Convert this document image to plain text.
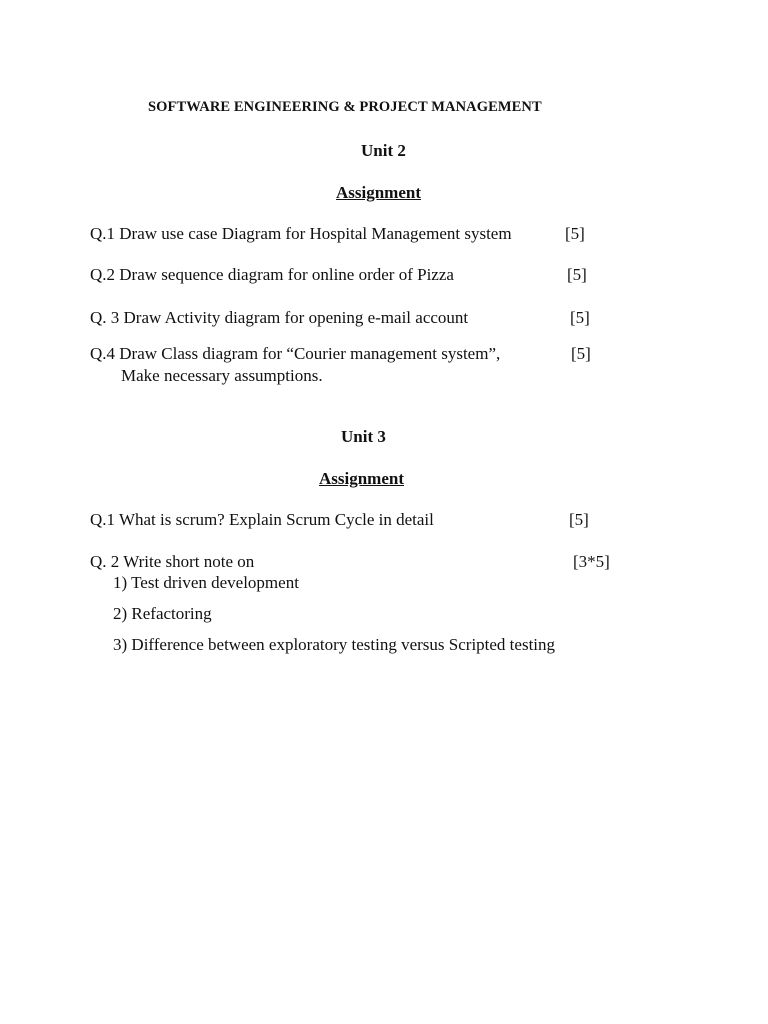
SOFTWARE ENGINEERING & PROJECT MANAGEMENT
Unit 2
Assignment
Q.1 Draw use case Diagram for Hospital Management system	[5]
Q.2 Draw sequence diagram for online order of Pizza	[5]
Q. 3 Draw Activity diagram for opening e-mail account	[5]
Q.4 Draw Class diagram for “Courier management system”,	[5]
Make necessary assumptions.
Unit 3
Assignment
Q.1 What is scrum? Explain Scrum Cycle in detail	[5]
Q. 2 Write short note on	[3*5]
1) Test driven development
2) Refactoring
3) Difference between exploratory testing versus Scripted testing
